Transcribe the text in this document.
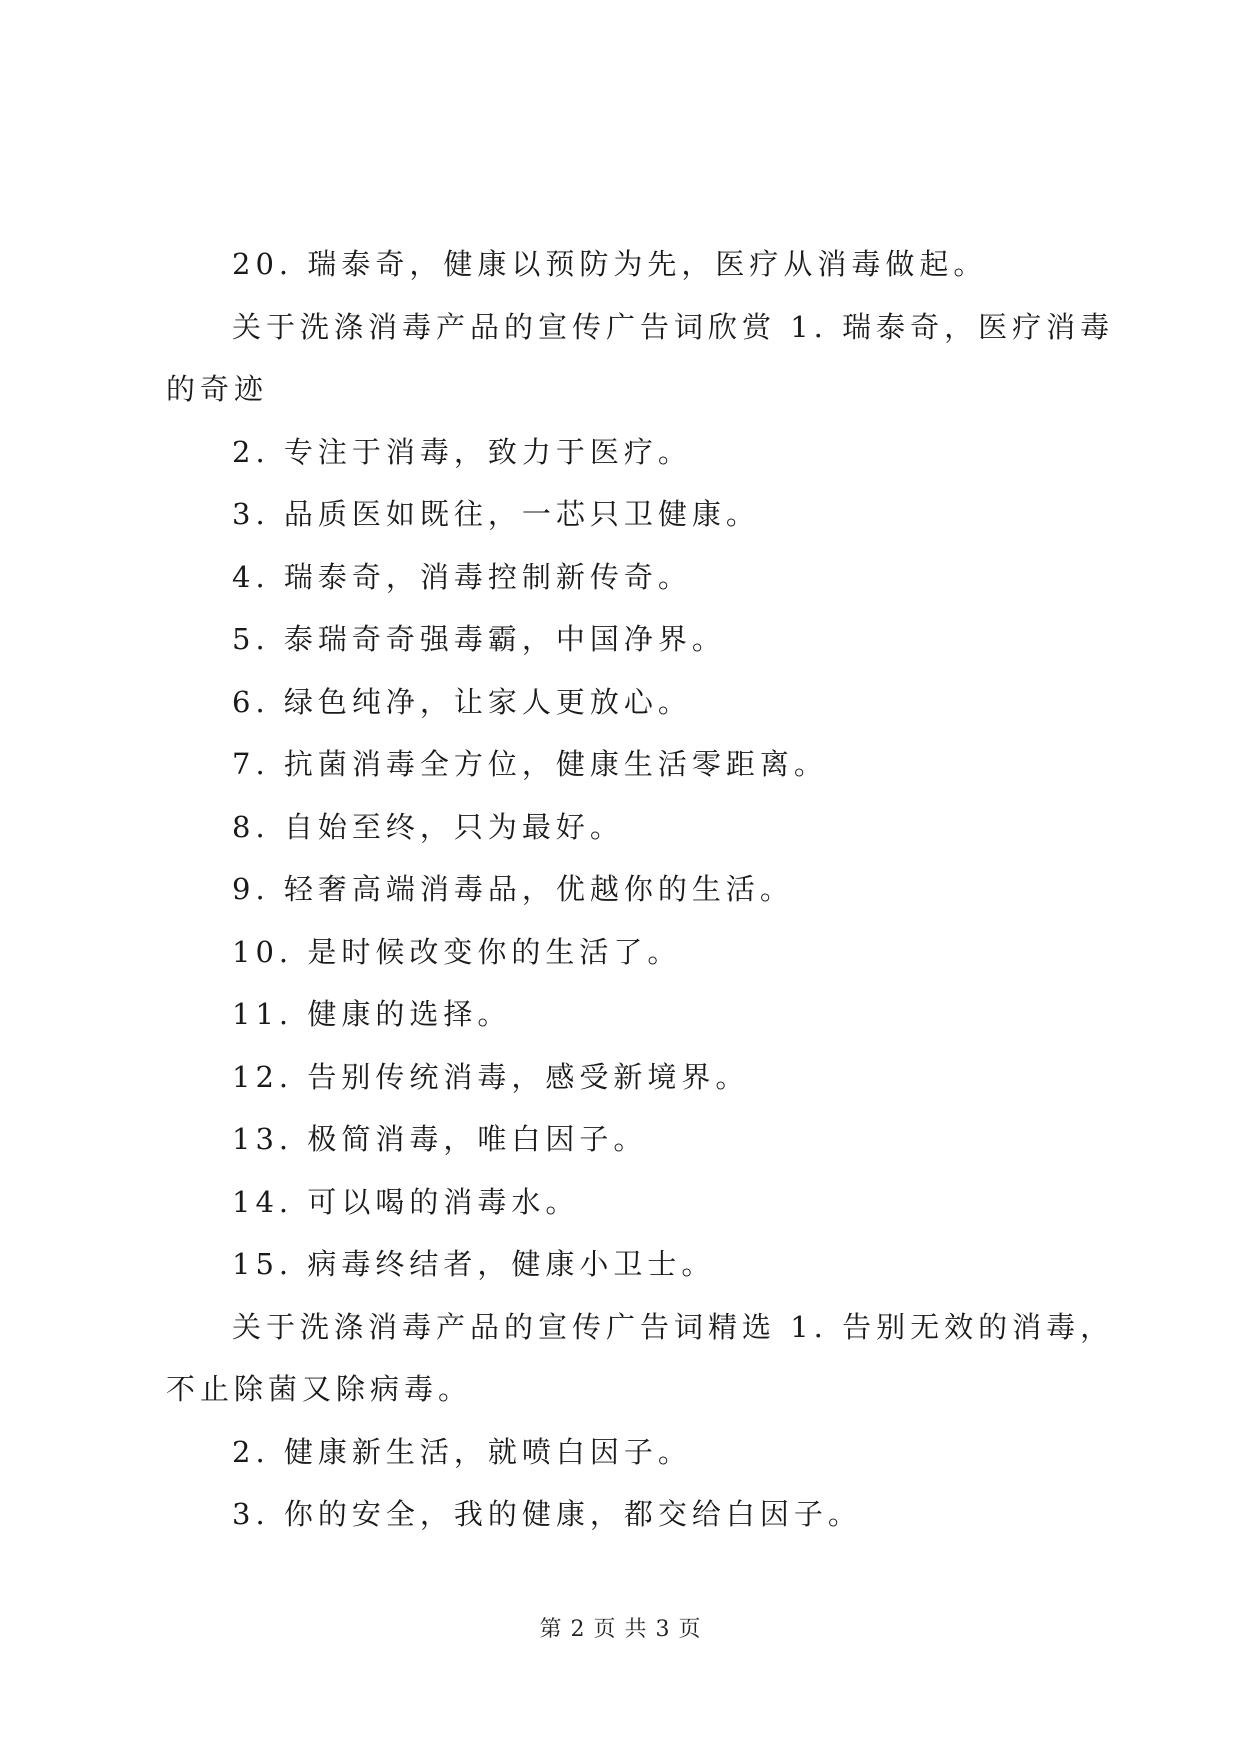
20. 瑞泰奇，健康以预防为先，医疗从消毒做起。
关于洗涤消毒产品的宣传广告词欣赏 1. 瑞泰奇，医疗消毒
的奇迹
2. 专注于消毒，致力于医疗。
3. 品质医如既往，一芯只卫健康。
4. 瑞泰奇，消毒控制新传奇。
5. 泰瑞奇奇强毒霸，中国净界。
6. 绿色纯净，让家人更放心。
7. 抗菌消毒全方位，健康生活零距离。
8. 自始至终，只为最好。
9. 轻奢高端消毒品，优越你的生活。
10. 是时候改变你的生活了。
11. 健康的选择。
12. 告别传统消毒，感受新境界。
13. 极简消毒，唯白因子。
14. 可以喝的消毒水。
15. 病毒终结者，健康小卫士。
关于洗涤消毒产品的宣传广告词精选 1. 告别无效的消毒，
不止除菌又除病毒。
2. 健康新生活，就喷白因子。
3. 你的安全，我的健康，都交给白因子。
第 2 页 共 3 页
